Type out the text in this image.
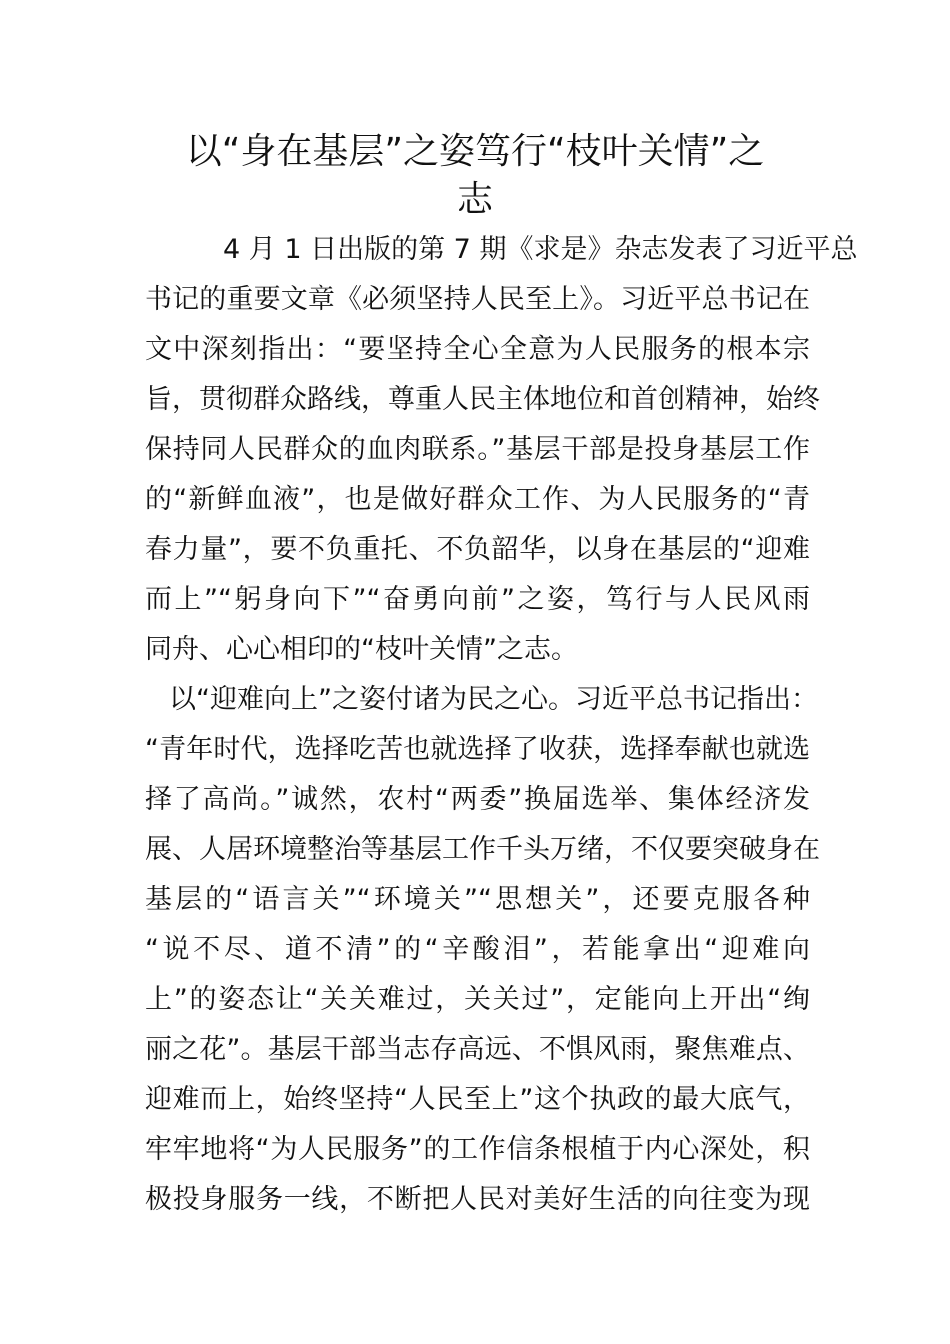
以“身在基层”之姿笃行“枝叶关情”之
志
4 月 1 日出版的第 7 期《求是》杂志发表了习近平总
书记的重要文章《必须坚持人民至上》。习近平总书记在
文中深刻指出：“要坚持全心全意为人民服务的根本宗
旨，贯彻群众路线，尊重人民主体地位和首创精神，始终
保持同人民群众的血肉联系。”基层干部是投身基层工作
的“新鲜血液”，也是做好群众工作、为人民服务的“青
春力量”，要不负重托、不负韶华，以身在基层的“迎难
而上”“躬身向下”“奋勇向前”之姿，笃行与人民风雨
同舟、心心相印的“枝叶关情”之志。
以“迎难向上”之姿付诸为民之心。习近平总书记指出：
“青年时代，选择吃苦也就选择了收获，选择奉献也就选
择了高尚。”诚然，农村“两委”换届选举、集体经济发
展、人居环境整治等基层工作千头万绪，不仅要突破身在
基层的“语言关”“环境关”“思想关”，还要克服各种
“说不尽、道不清”的“辛酸泪”，若能拿出“迎难向
上”的姿态让“关关难过，关关过”，定能向上开出“绚
丽之花”。基层干部当志存高远、不惧风雨，聚焦难点、
迎难而上，始终坚持“人民至上”这个执政的最大底气，
牢牢地将“为人民服务”的工作信条根植于内心深处，积
极投身服务一线，不断把人民对美好生活的向往变为现
